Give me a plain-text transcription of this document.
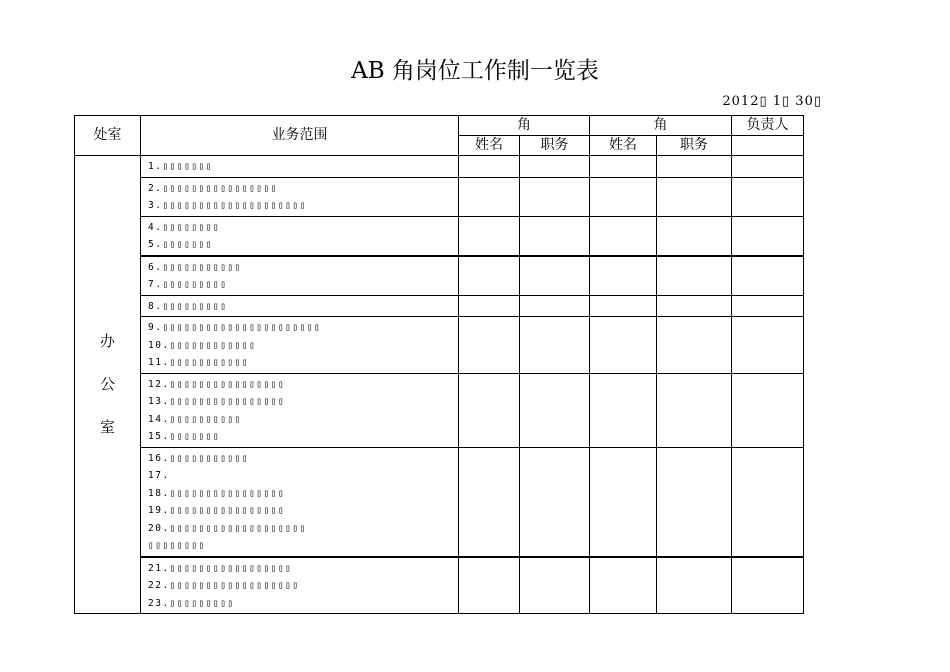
AB 角岗位工作制一览表
2012▯ 1▯ 30▯
处室	业务范围	角		角		负责人
		姓名	职务	姓名	职务	

办
公
室	1.▯▯▯▯▯▯▯					

	2.▯▯▯▯▯▯▯▯▯▯▯▯▯▯▯▯
3.▯▯▯▯▯▯▯▯▯▯▯▯▯▯▯▯▯▯▯▯					

	4.▯▯▯▯▯▯▯▯
5.▯▯▯▯▯▯▯					

	6.▯▯▯▯▯▯▯▯▯▯▯
7.▯▯▯▯▯▯▯▯▯					

	8.▯▯▯▯▯▯▯▯▯					

	9.▯▯▯▯▯▯▯▯▯▯▯▯▯▯▯▯▯▯▯▯▯▯
10.▯▯▯▯▯▯▯▯▯▯▯▯
11.▯▯▯▯▯▯▯▯▯▯▯					

	12.▯▯▯▯▯▯▯▯▯▯▯▯▯▯▯▯
13.▯▯▯▯▯▯▯▯▯▯▯▯▯▯▯▯
14.▯▯▯▯▯▯▯▯▯▯
15.▯▯▯▯▯▯▯					

	16.▯▯▯▯▯▯▯▯▯▯▯
17.
18.▯▯▯▯▯▯▯▯▯▯▯▯▯▯▯▯
19.▯▯▯▯▯▯▯▯▯▯▯▯▯▯▯▯
20.▯▯▯▯▯▯▯▯▯▯▯▯▯▯▯▯▯▯▯▯▯▯▯▯▯▯▯					

	21.▯▯▯▯▯▯▯▯▯▯▯▯▯▯▯▯▯
22.▯▯▯▯▯▯▯▯▯▯▯▯▯▯▯▯▯▯
23.▯▯▯▯▯▯▯▯▯					
